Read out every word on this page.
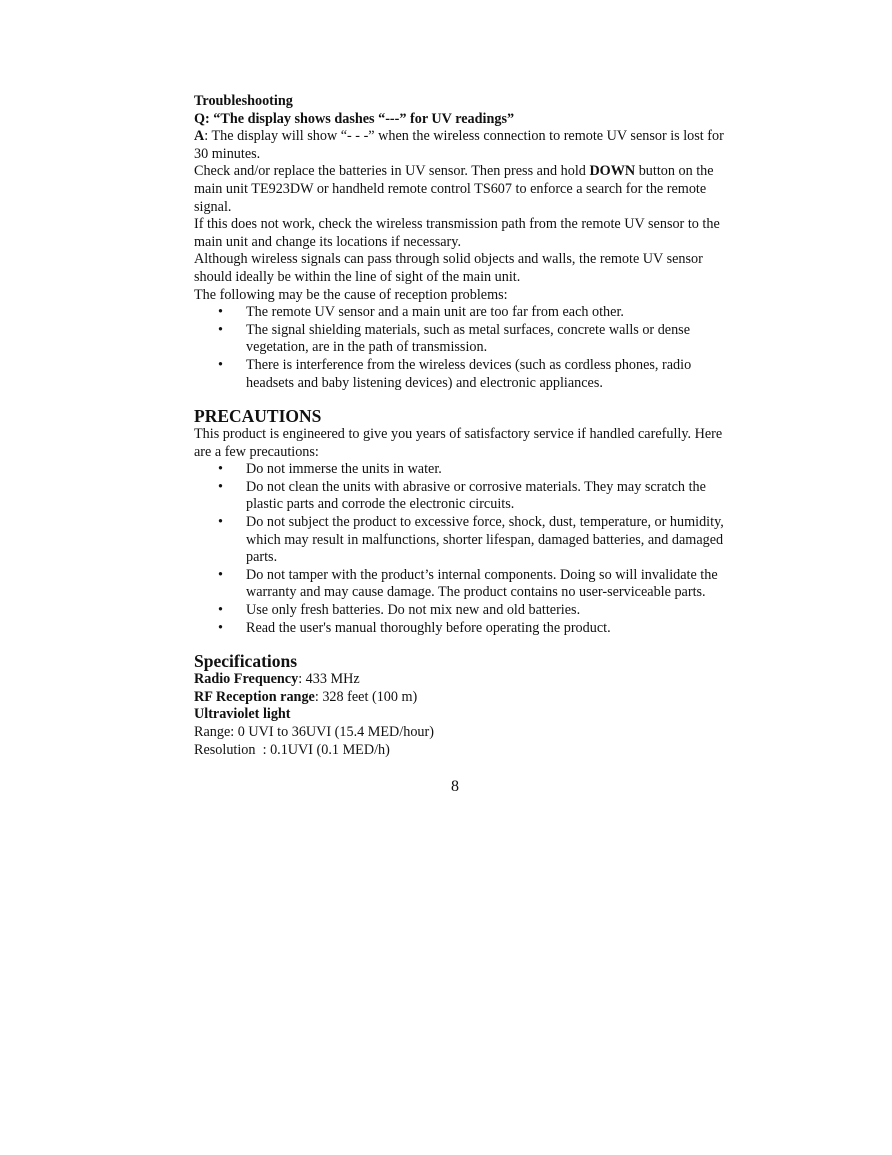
Troubleshooting

Q: “The display shows dashes “---” for UV readings”

A: The display will show “- - -” when the wireless connection to remote UV sensor is lost for 30 minutes.

Check and/or replace the batteries in UV sensor. Then press and hold DOWN button on the main unit TE923DW or handheld remote control TS607 to enforce a search for the remote signal.

If this does not work, check the wireless transmission path from the remote UV sensor to the main unit and change its locations if necessary.

Although wireless signals can pass through solid objects and walls, the remote UV sensor should ideally be within the line of sight of the main unit.

The following may be the cause of reception problems:

• The remote UV sensor and a main unit are too far from each other.
• The signal shielding materials, such as metal surfaces, concrete walls or dense vegetation, are in the path of transmission.
• There is interference from the wireless devices (such as cordless phones, radio headsets and baby listening devices) and electronic appliances.
PRECAUTIONS

This product is engineered to give you years of satisfactory service if handled carefully. Here are a few precautions:

• Do not immerse the units in water.
• Do not clean the units with abrasive or corrosive materials. They may scratch the plastic parts and corrode the electronic circuits.
• Do not subject the product to excessive force, shock, dust, temperature, or humidity, which may result in malfunctions, shorter lifespan, damaged batteries, and damaged parts.
• Do not tamper with the product’s internal components. Doing so will invalidate the warranty and may cause damage. The product contains no user-serviceable parts.
• Use only fresh batteries. Do not mix new and old batteries.
• Read the user's manual thoroughly before operating the product.
Specifications

Radio Frequency: 433 MHz

RF Reception range: 328 feet (100 m)

Ultraviolet light

Range: 0 UVI to 36UVI (15.4 MED/hour)

Resolution  : 0.1UVI (0.1 MED/h)

8
